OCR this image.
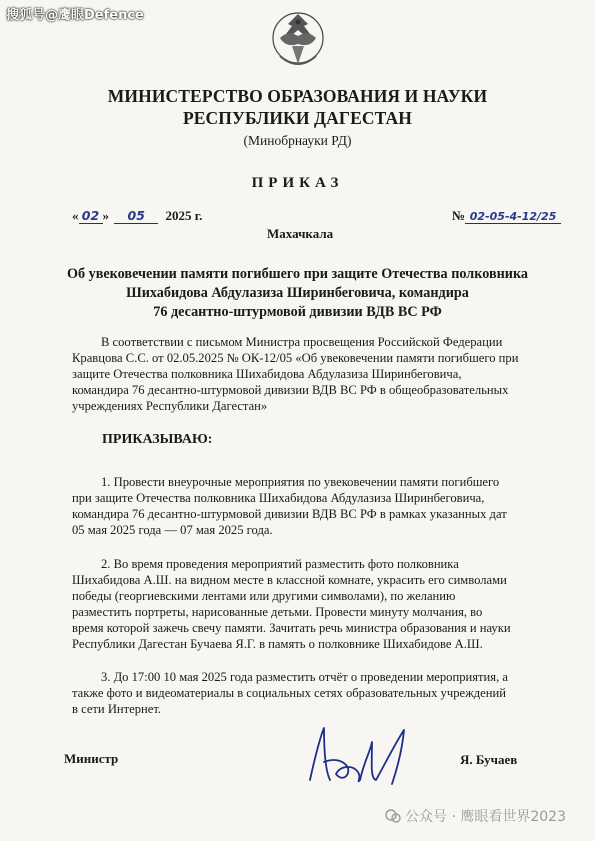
搜狐号@鹰眼Defence
МИНИСТЕРСТВО ОБРАЗОВАНИЯ И НАУКИ
РЕСПУБЛИКИ ДАГЕСТАН
(Минобрнауки РД)
ПРИКАЗ
« 02 » 05 2025 г.	№ 02-05-4-12/25
Махачкала
Об увековечении памяти погибшего при защите Отечества полковника
Шихабидова Абдулазиза Ширинбеговича, командира
76 десантно-штурмовой дивизии ВДВ ВС РФ
В соответствии с письмом Министра просвещения Российской Федерации
Кравцова С.С. от 02.05.2025 № ОК-12/05 «Об увековечении памяти погибшего при
защите Отечества полковника Шихабидова Абдулазиза Ширинбеговича,
командира 76 десантно-штурмовой дивизии ВДВ ВС РФ в общеобразовательных
учреждениях Республики Дагестан»
ПРИКАЗЫВАЮ:
1. Провести внеурочные мероприятия по увековечении памяти погибшего
при защите Отечества полковника Шихабидова Абдулазиза Ширинбеговича,
командира 76 десантно-штурмовой дивизии ВДВ ВС РФ в рамках указанных дат
05 мая 2025 года — 07 мая 2025 года.
2. Во время проведения мероприятий разместить фото полковника
Шихабидова А.Ш. на видном месте в классной комнате, украсить его символами
победы (георгиевскими лентами или другими символами), по желанию
разместить портреты, нарисованные детьми. Провести минуту молчания, во
время которой зажечь свечу памяти. Зачитать речь министра образования и науки
Республики Дагестан Бучаева Я.Г. в память о полковнике Шихабидове А.Ш.
3. До 17:00 10 мая 2025 года разместить отчёт о проведении мероприятия, а
также фото и видеоматериалы в социальных сетях образовательных учреждений
в сети Интернет.
Министр	Я. Бучаев
公众号 · 鹰眼看世界2023
